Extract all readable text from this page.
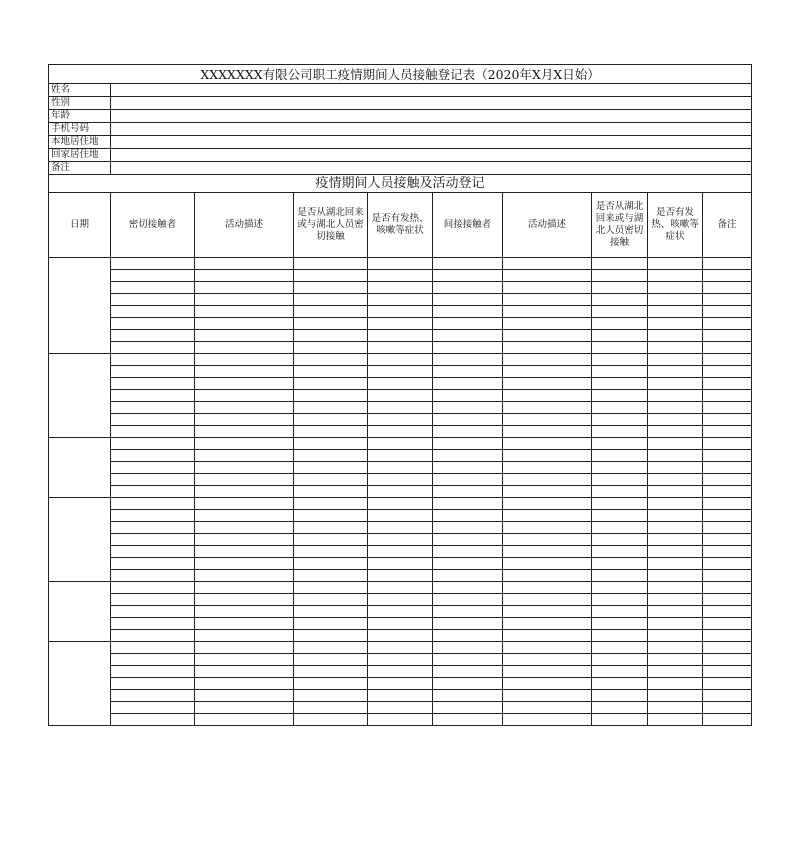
XXXXXXX有限公司职工疫情期间人员接触登记表（2020年X月X日始）									
姓名									
性别									
年龄									
手机号码									
本地居住地									
回家居住地									
备注									
疫情期间人员接触及活动登记									
日期	密切接触者	活动描述	是否从湖北回来或与湖北人员密切接触	是否有发热、咳嗽等症状	间接接触者	活动描述	是否从湖北回来或与湖北人员密切接触	是否有发热、咳嗽等症状	备注
